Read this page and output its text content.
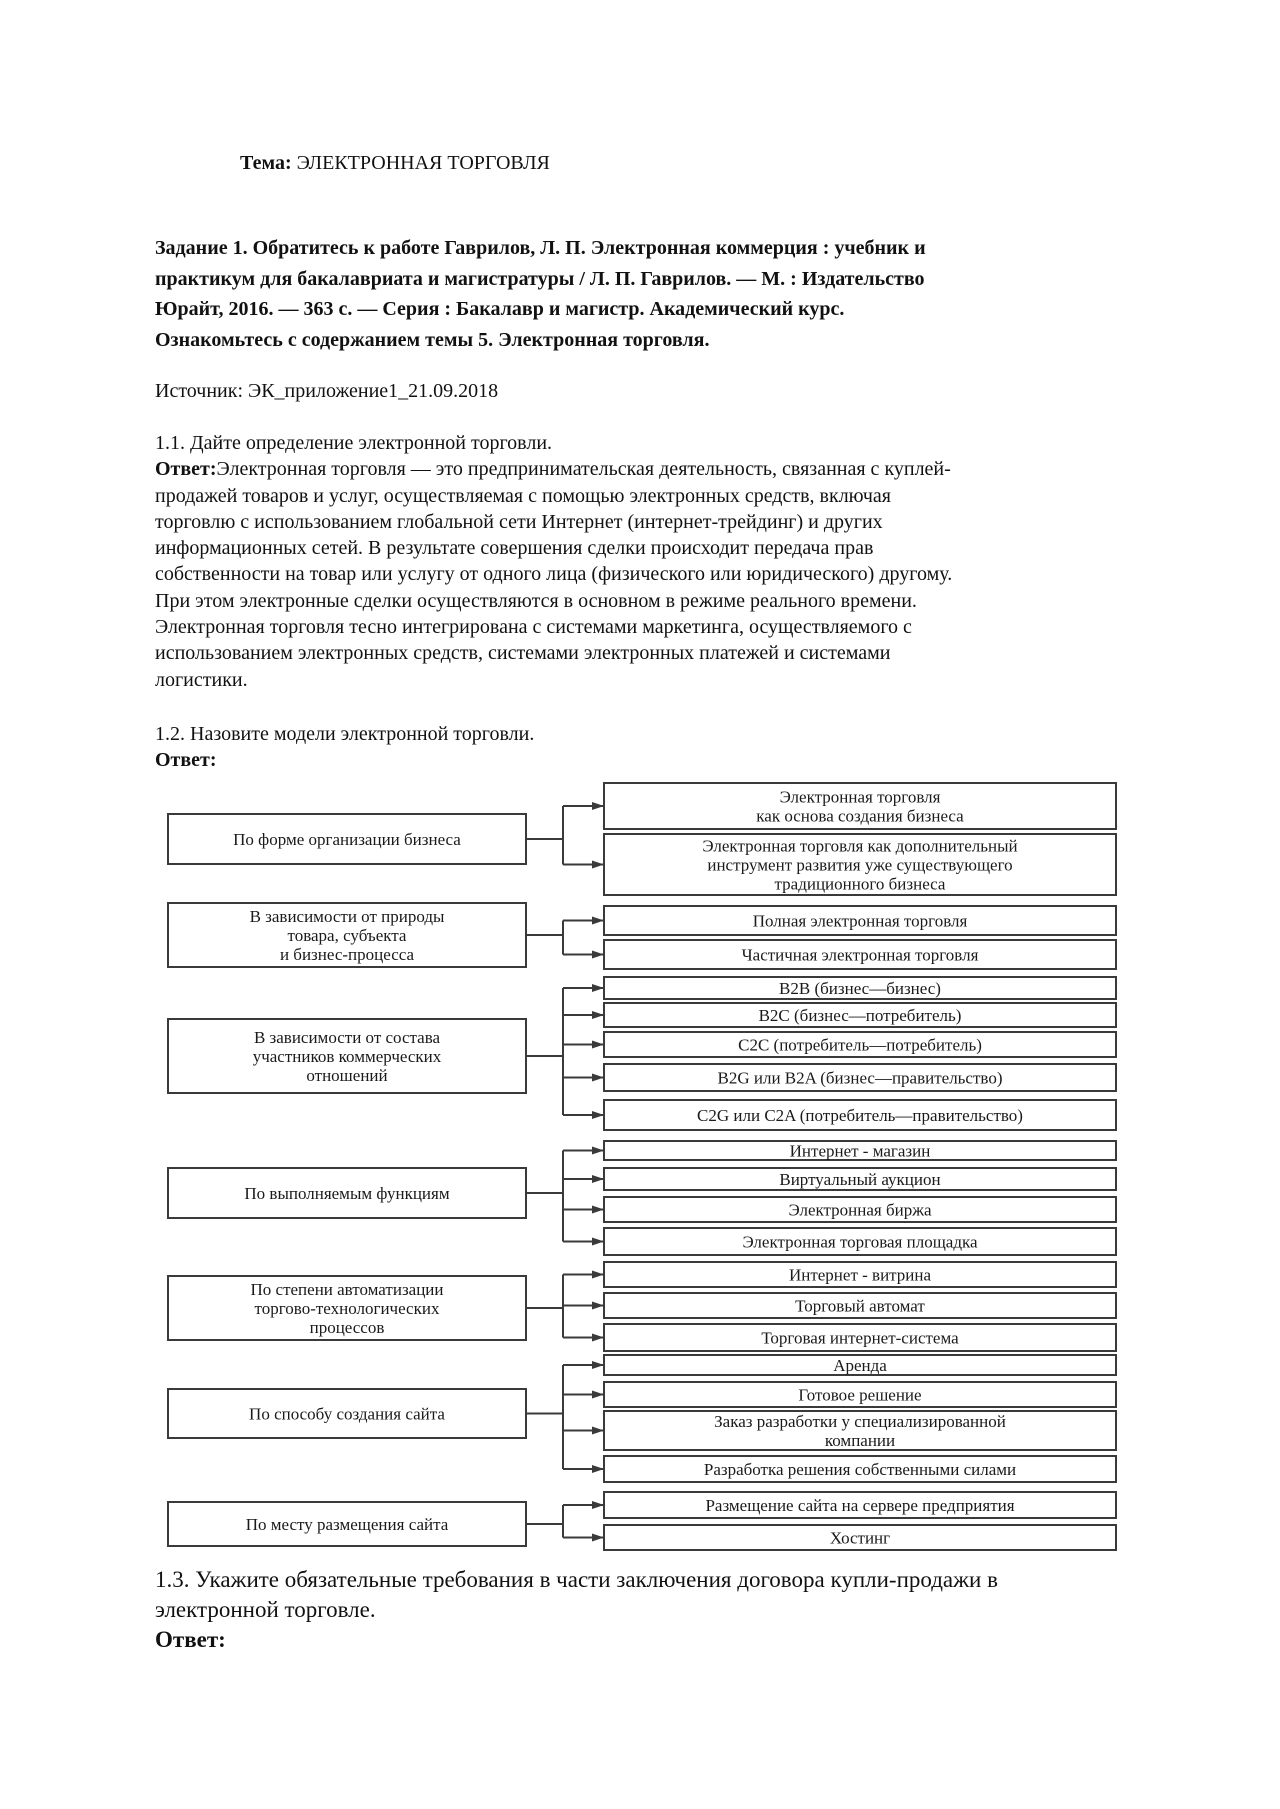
Тема: ЭЛЕКТРОННАЯ ТОРГОВЛЯ
Задание 1. Обратитесь к работе Гаврилов, Л. П. Электронная коммерция : учебник и
практикум для бакалавриата и магистратуры / Л. П. Гаврилов. — М. : Издательство
Юрайт, 2016. — 363 с. — Серия : Бакалавр и магистр. Академический курс.
Ознакомьтесь с содержанием темы 5. Электронная торговля.
Источник: ЭК_приложение1_21.09.2018
1.1. Дайте определение электронной торговли.
Ответ:Электронная торговля — это предпринимательская деятельность, связанная с куплей-
продажей товаров и услуг, осуществляемая с помощью электронных средств, включая
торговлю с использованием глобальной сети Интернет (интернет-трейдинг) и других
информационных сетей. В результате совершения сделки происходит передача прав
собственности на товар или услугу от одного лица (физического или юридического) другому.
При этом электронные сделки осуществляются в основном в режиме реального времени.
Электронная торговля тесно интегрирована с системами маркетинга, осуществляемого с
использованием электронных средств, системами электронных платежей и системами
логистики.
1.2. Назовите модели электронной торговли.
Ответ:
По форме организации бизнеса
Электронная торговля
как основа создания бизнеса
Электронная торговля как дополнительный
инструмент развития уже существующего
традиционного бизнеса
В зависимости от природы
товара, субъекта
и бизнес-процесса
Полная электронная торговля
Частичная электронная торговля
В зависимости от состава
участников коммерческих
отношений
B2B (бизнес—бизнес)
B2C (бизнес—потребитель)
C2C (потребитель—потребитель)
B2G или B2A (бизнес—правительство)
C2G или C2A (потребитель—правительство)
По выполняемым функциям
Интернет - магазин
Виртуальный аукцион
Электронная биржа
Электронная торговая площадка
По степени автоматизации
торгово-технологических
процессов
Интернет - витрина
Торговый автомат
Торговая интернет-система
По способу создания сайта
Аренда
Готовое решение
Заказ разработки у специализированной
компании
Разработка решения собственными силами
По месту размещения сайта
Размещение сайта на сервере предприятия
Хостинг
1.3. Укажите обязательные требования в части заключения договора купли-продажи в
электронной торговле.
Ответ:
